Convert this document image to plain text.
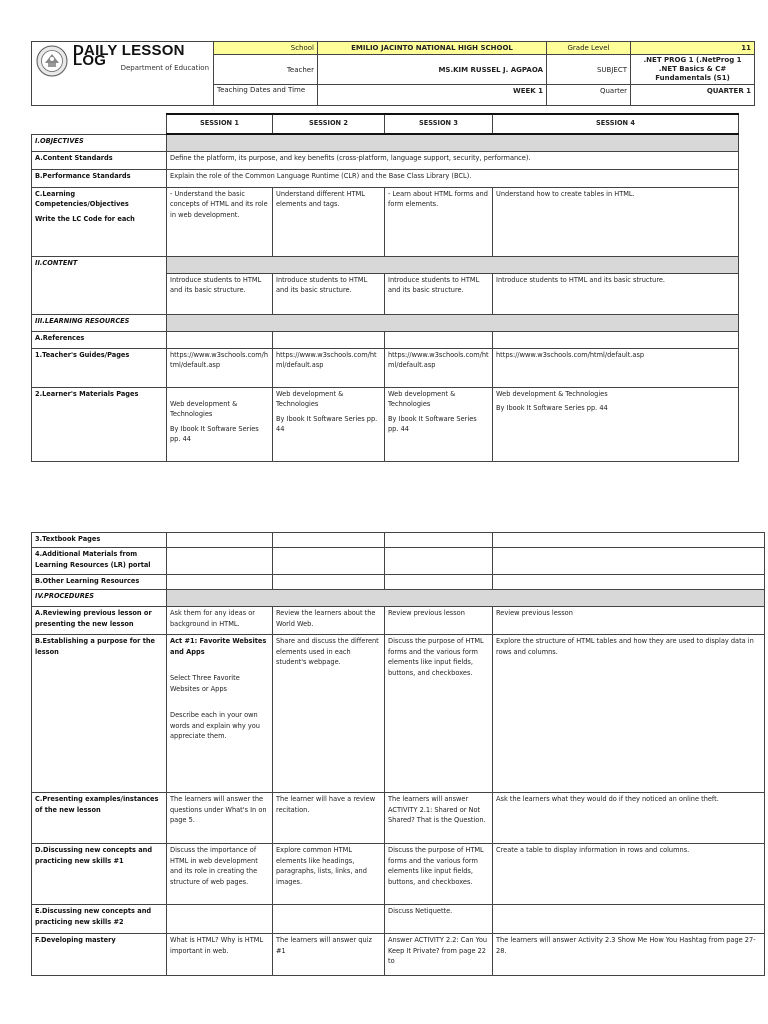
DAILY LESSON LOG Department of Education	School	EMILIO JACINTO NATIONAL HIGH SCHOOL	Grade Level	11
	Teacher	MS.KIM RUSSEL J. AGPAOA	SUBJECT	.NET PROG 1 (.NetProg 1 .NET Basics & C# Fundamentals (S1)
	Teaching Dates and Time	WEEK 1	Quarter	QUARTER 1
	SESSION 1	SESSION 2	SESSION 3	SESSION 4
I.OBJECTIVES				
A.Content Standards	Define the platform, its purpose, and key benefits (cross-platform, language support, security, performance).			
B.Performance Standards	Explain the role of the Common Language Runtime (CLR) and the Base Class Library (BCL).			
C.Learning Competencies/Objectives

Write the LC Code for each	- Understand the basic concepts of HTML and its role in web development.	Understand different HTML elements and tags.	- Learn about HTML forms and form elements.	Understand how to create tables in HTML.
II.CONTENT				
	Introduce students to HTML and its basic structure.	Introduce students to HTML and its basic structure.	Introduce students to HTML and its basic structure.	Introduce students to HTML and its basic structure.
III.LEARNING RESOURCES				
A.References				
1.Teacher's Guides/Pages	https://www.w3schools.com/html/default.asp	https://www.w3schools.com/html/default.asp	https://www.w3schools.com/html/default.asp	https://www.w3schools.com/html/default.asp
2.Learner's Materials Pages	Web development & Technologies

By Ibook It Software Series pp. 44	Web development & Technologies

By Ibook It Software Series pp. 44	Web development & Technologies

By Ibook It Software Series pp. 44	Web development & Technologies

By Ibook It Software Series pp. 44
3.Textbook Pages				
4.Additional Materials from Learning Resources (LR) portal				
B.Other Learning Resources				
IV.PROCEDURES				
A.Reviewing previous lesson or presenting the new lesson	Ask them for any ideas or background in HTML.	Review the learners about the World Web.	Review previous lesson	Review previous lesson
B.Establishing a purpose for the lesson	Act #1: Favorite Websites and Apps

Select Three Favorite Websites or Apps

Describe each in your own words and explain why you appreciate them.	Share and discuss the different elements used in each student's webpage.	Discuss the purpose of HTML forms and the various form elements like input fields, buttons, and checkboxes.	Explore the structure of HTML tables and how they are used to display data in rows and columns.
C.Presenting examples/instances of the new lesson	The learners will answer the questions under What's In on page 5.	The learner will have a review recitation.	The learners will answer ACTIVITY 2.1: Shared or Not Shared? That is the Question.	Ask the learners what they would do if they noticed an online theft.
D.Discussing new concepts and practicing new skills #1	Discuss the importance of HTML in web development and its role in creating the structure of web pages.	Explore common HTML elements like headings, paragraphs, lists, links, and images.	Discuss the purpose of HTML forms and the various form elements like input fields, buttons, and checkboxes.	Create a table to display information in rows and columns.
E.Discussing new concepts and practicing new skills #2			Discuss Netiquette.	
F.Developing mastery	What is HTML? Why is HTML important in web.	The learners will answer quiz #1	Answer ACTIVITY 2.2: Can You Keep It Private? from page 22 to	The learners will answer Activity 2.3 Show Me How You Hashtag from page 27-28.
